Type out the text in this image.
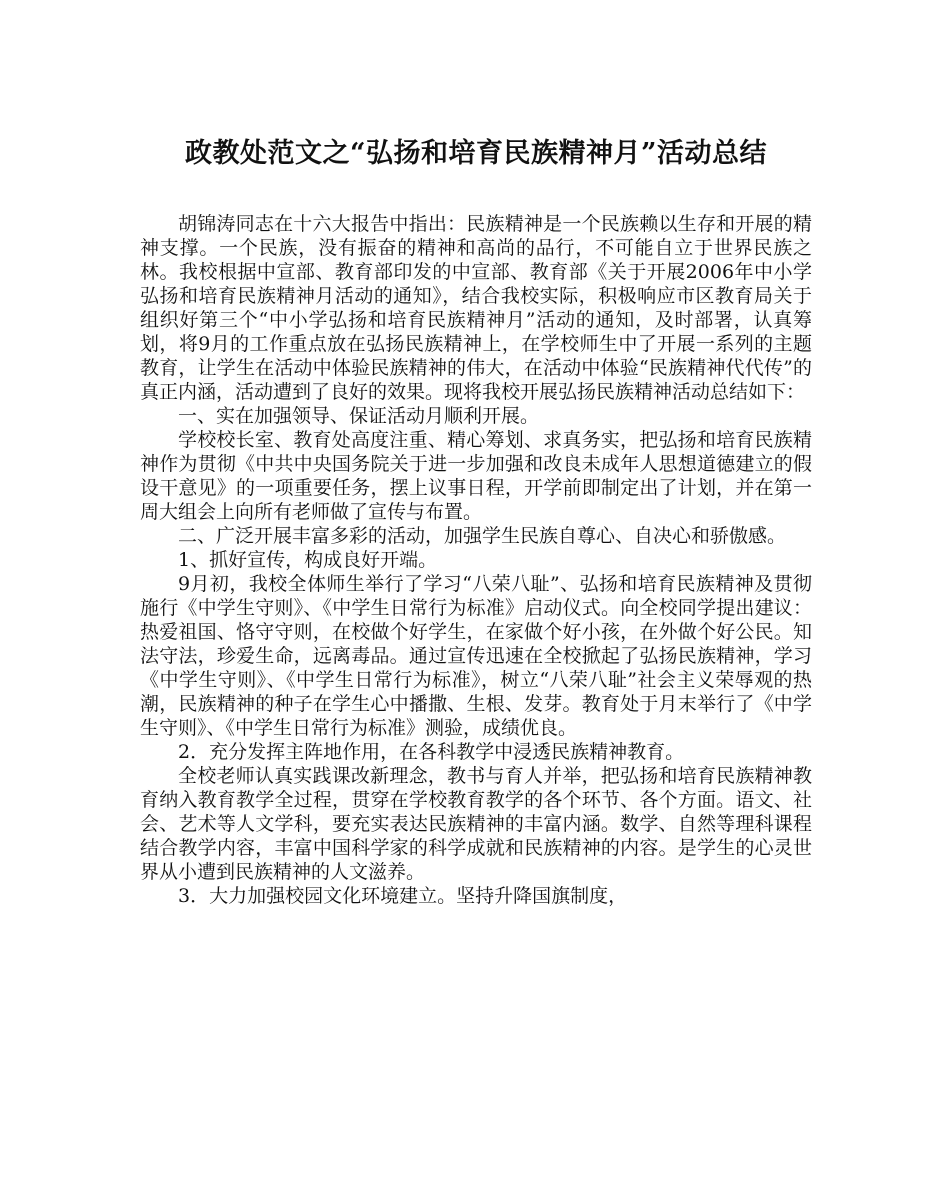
政教处范文之“弘扬和培育民族精神月”活动总结

胡锦涛同志在十六大报告中指出：民族精神是一个民族赖以生存和开展的精神支撑。一个民族，没有振奋的精神和高尚的品行，不可能自立于世界民族之林。我校根据中宣部、教育部印发的中宣部、教育部《关于开展2006年中小学弘扬和培育民族精神月活动的通知》，结合我校实际，积极响应市区教育局关于组织好第三个“中小学弘扬和培育民族精神月”活动的通知，及时部署，认真筹划，将9月的工作重点放在弘扬民族精神上，在学校师生中了开展一系列的主题教育，让学生在活动中体验民族精神的伟大，在活动中体验“民族精神代代传”的真正内涵，活动遭到了良好的效果。现将我校开展弘扬民族精神活动总结如下：

一、实在加强领导、保证活动月顺利开展。

学校校长室、教育处高度注重、精心筹划、求真务实，把弘扬和培育民族精神作为贯彻《中共中央国务院关于进一步加强和改良未成年人思想道德建立的假设干意见》的一项重要任务，摆上议事日程，开学前即制定出了计划，并在第一周大组会上向所有老师做了宣传与布置。

二、广泛开展丰富多彩的活动，加强学生民族自尊心、自决心和骄傲感。

1、抓好宣传，构成良好开端。

9月初，我校全体师生举行了学习“八荣八耻”、弘扬和培育民族精神及贯彻施行《中学生守则》、《中学生日常行为标准》启动仪式。向全校同学提出建议：热爱祖国、恪守守则，在校做个好学生，在家做个好小孩，在外做个好公民。知法守法，珍爱生命，远离毒品。通过宣传迅速在全校掀起了弘扬民族精神，学习《中学生守则》、《中学生日常行为标准》，树立“八荣八耻”社会主义荣辱观的热潮，民族精神的种子在学生心中播撒、生根、发芽。教育处于月末举行了《中学生守则》、《中学生日常行为标准》测验，成绩优良。

2．充分发挥主阵地作用，在各科教学中浸透民族精神教育。

全校老师认真实践课改新理念，教书与育人并举，把弘扬和培育民族精神教育纳入教育教学全过程，贯穿在学校教育教学的各个环节、各个方面。语文、社会、艺术等人文学科，要充实表达民族精神的丰富内涵。数学、自然等理科课程结合教学内容，丰富中国科学家的科学成就和民族精神的内容。是学生的心灵世界从小遭到民族精神的人文滋养。

3．大力加强校园文化环境建立。坚持升降国旗制度，
